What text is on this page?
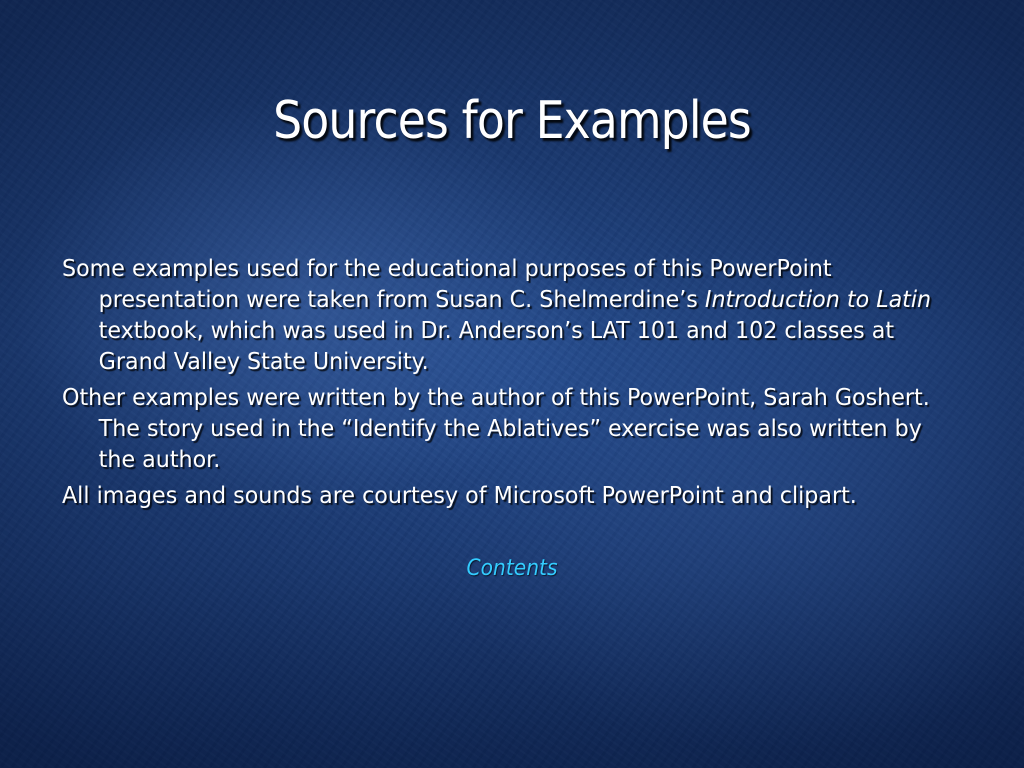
Sources for Examples

Some examples used for the educational purposes of this PowerPoint presentation were taken from Susan C. Shelmerdine’s Introduction to Latin textbook, which was used in Dr. Anderson’s LAT 101 and 102 classes at Grand Valley State University.

Other examples were written by the author of this PowerPoint, Sarah Goshert. The story used in the “Identify the Ablatives” exercise was also written by the author.

All images and sounds are courtesy of Microsoft PowerPoint and clipart.

Contents
